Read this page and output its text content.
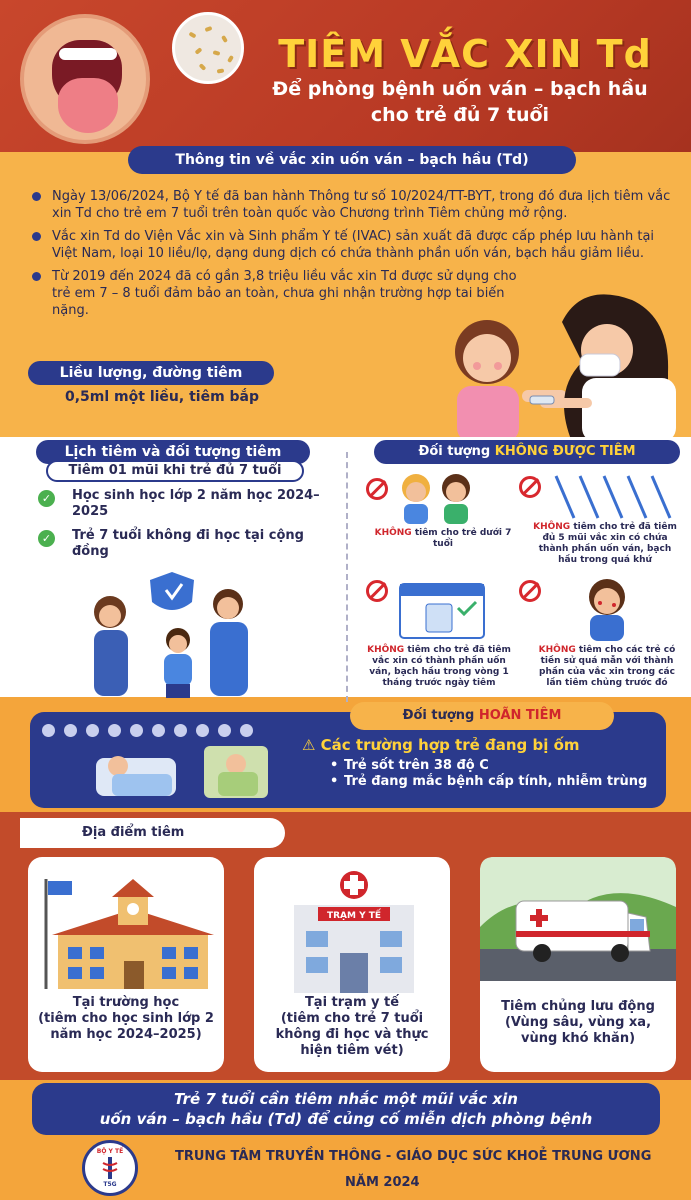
TIÊM VẮC XIN Td
Để phòng bệnh uốn ván – bạch hầu
cho trẻ đủ 7 tuổi
Thông tin về vắc xin uốn ván – bạch hầu (Td)
Ngày 13/06/2024, Bộ Y tế đã ban hành Thông tư số 10/2024/TT-BYT, trong đó đưa lịch tiêm vắc xin Td cho trẻ em 7 tuổi trên toàn quốc vào Chương trình Tiêm chủng mở rộng.
Vắc xin Td do Viện Vắc xin và Sinh phẩm Y tế (IVAC) sản xuất đã được cấp phép lưu hành tại Việt Nam, loại 10 liều/lọ, dạng dung dịch có chứa thành phần uốn ván, bạch hầu giảm liều.
Từ 2019 đến 2024 đã có gần 3,8 triệu liều vắc xin Td được sử dụng cho trẻ em 7 – 8 tuổi đảm bảo an toàn, chưa ghi nhận trường hợp tai biến nặng.
Liều lượng, đường tiêm
0,5ml một liều, tiêm bắp
Lịch tiêm và đối tượng tiêm
Tiêm 01 mũi khi trẻ đủ 7 tuổi
✓ Học sinh học lớp 2 năm học 2024–2025
✓ Trẻ 7 tuổi không đi học tại cộng đồng
Đối tượng KHÔNG ĐƯỢC TIÊM
KHÔNG tiêm cho trẻ dưới 7 tuổi
KHÔNG tiêm cho trẻ đã tiêm đủ 5 mũi vắc xin có chứa thành phần uốn ván, bạch hầu trong quá khứ
KHÔNG tiêm cho trẻ đã tiêm vắc xin có thành phần uốn ván, bạch hầu trong vòng 1 tháng trước ngày tiêm
KHÔNG tiêm cho các trẻ có tiền sử quá mẫn với thành phần của vắc xin trong các lần tiêm chủng trước đó
Đối tượng HOÃN TIÊM
⚠ Các trường hợp trẻ đang bị ốm
• Trẻ sốt trên 38 độ C
• Trẻ đang mắc bệnh cấp tính, nhiễm trùng
Địa điểm tiêm
Tại trường học
(tiêm cho học sinh lớp 2 năm học 2024–2025)
TRẠM Y TẾ
Tại trạm y tế
(tiêm cho trẻ 7 tuổi không đi học và thực hiện tiêm vét)
Tiêm chủng lưu động
(Vùng sâu, vùng xa, vùng khó khăn)
Trẻ 7 tuổi cần tiêm nhắc một mũi vắc xin
uốn ván – bạch hầu (Td) để củng cố miễn dịch phòng bệnh
BỘ Y TẾ
T5G
TRUNG TÂM TRUYỀN THÔNG - GIÁO DỤC SỨC KHOẺ TRUNG ƯƠNG
NĂM 2024
